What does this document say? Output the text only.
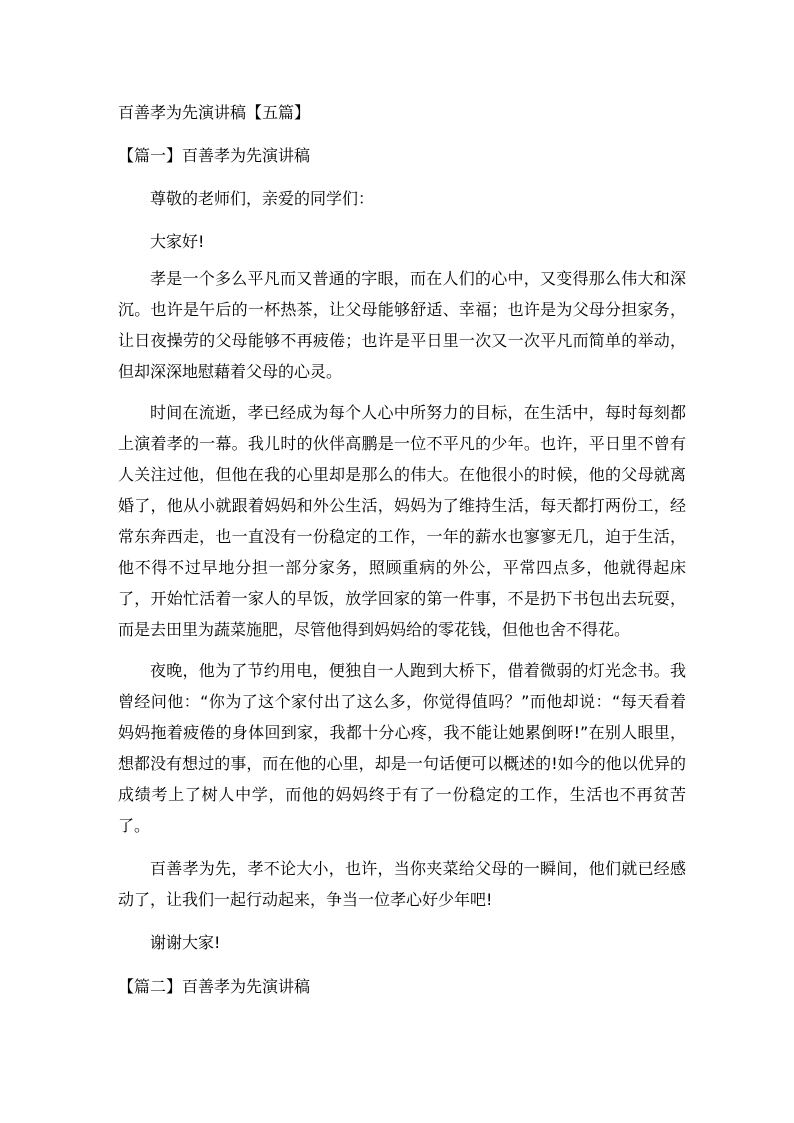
百善孝为先演讲稿【五篇】
【篇一】百善孝为先演讲稿
尊敬的老师们，亲爱的同学们：
大家好!

孝是一个多么平凡而又普通的字眼，而在人们的心中，又变得那么伟大和深沉。也许是午后的一杯热茶，让父母能够舒适、幸福；也许是为父母分担家务，让日夜操劳的父母能够不再疲倦；也许是平日里一次又一次平凡而简单的举动，但却深深地慰藉着父母的心灵。

时间在流逝，孝已经成为每个人心中所努力的目标，在生活中，每时每刻都上演着孝的一幕。我儿时的伙伴高鹏是一位不平凡的少年。也许，平日里不曾有人关注过他，但他在我的心里却是那么的伟大。在他很小的时候，他的父母就离婚了，他从小就跟着妈妈和外公生活，妈妈为了维持生活，每天都打两份工，经常东奔西走，也一直没有一份稳定的工作，一年的薪水也寥寥无几，迫于生活，他不得不过早地分担一部分家务，照顾重病的外公，平常四点多，他就得起床了，开始忙活着一家人的早饭，放学回家的第一件事，不是扔下书包出去玩耍，而是去田里为蔬菜施肥，尽管他得到妈妈给的零花钱，但他也舍不得花。

夜晚，他为了节约用电，便独自一人跑到大桥下，借着微弱的灯光念书。我曾经问他：“你为了这个家付出了这么多，你觉得值吗？”而他却说：“每天看着妈妈拖着疲倦的身体回到家，我都十分心疼，我不能让她累倒呀!”在别人眼里，想都没有想过的事，而在他的心里，却是一句话便可以概述的!如今的他以优异的成绩考上了树人中学，而他的妈妈终于有了一份稳定的工作，生活也不再贫苦了。

百善孝为先，孝不论大小，也许，当你夹菜给父母的一瞬间，他们就已经感动了，让我们一起行动起来，争当一位孝心好少年吧!

谢谢大家!
【篇二】百善孝为先演讲稿
